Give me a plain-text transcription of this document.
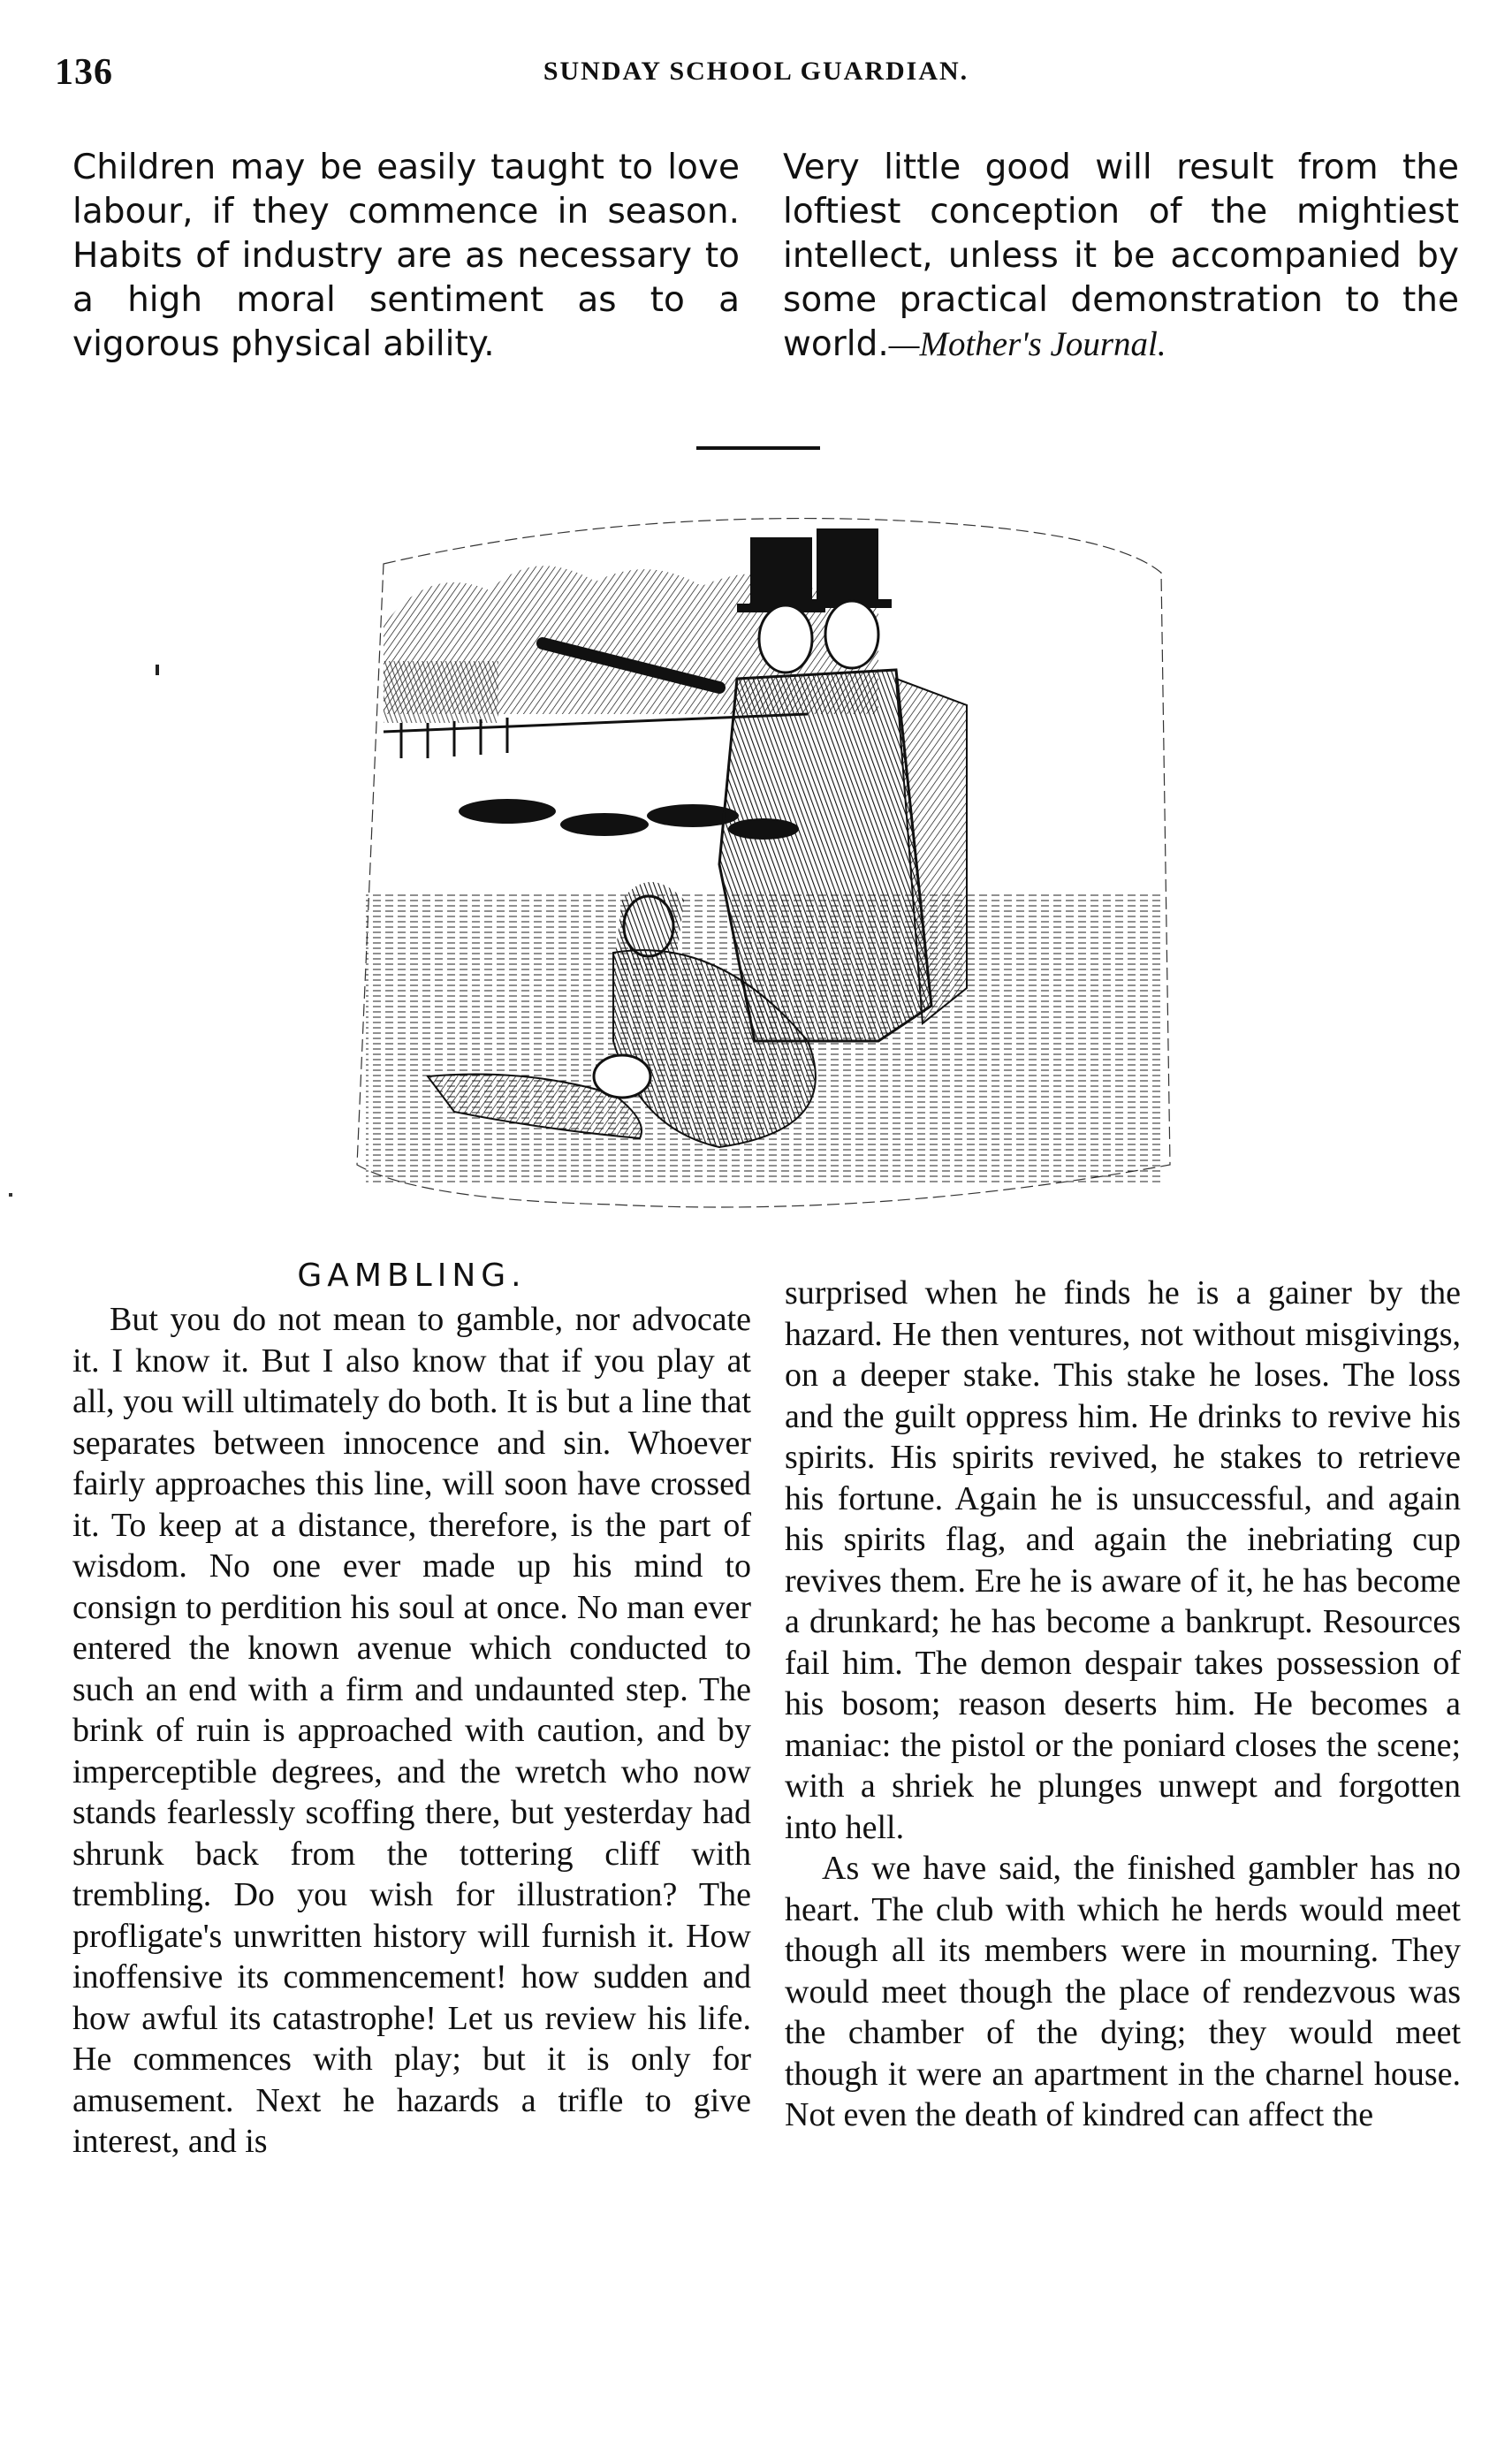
136	SUNDAY SCHOOL GUARDIAN.

Children may be easily taught to love labour, if they commence in season. Habits of industry are as necessary to a high moral sentiment as to a vigorous physical ability.

Very little good will result from the loftiest conception of the mightiest intellect, unless it be accompanied by some practical demonstration to the world.—Mother's Journal.

GAMBLING.

But you do not mean to gamble, nor advocate it. I know it. But I also know that if you play at all, you will ultimately do both. It is but a line that separates between innocence and sin. Whoever fairly approaches this line, will soon have crossed it. To keep at a distance, therefore, is the part of wisdom. No one ever made up his mind to consign to perdition his soul at once. No man ever entered the known avenue which conducted to such an end with a firm and undaunted step. The brink of ruin is approached with caution, and by imperceptible degrees, and the wretch who now stands fearlessly scoffing there, but yesterday had shrunk back from the tottering cliff with trembling. Do you wish for illustration? The profligate's unwritten history will furnish it. How inoffensive its commencement! how sudden and how awful its catastrophe! Let us review his life. He commences with play; but it is only for amusement. Next he hazards a trifle to give interest, and is

surprised when he finds he is a gainer by the hazard. He then ventures, not without misgivings, on a deeper stake. This stake he loses. The loss and the guilt oppress him. He drinks to revive his spirits. His spirits revived, he stakes to retrieve his fortune. Again he is unsuccessful, and again his spirits flag, and again the inebriating cup revives them. Ere he is aware of it, he has become a drunkard; he has become a bankrupt. Resources fail him. The demon despair takes possession of his bosom; reason deserts him. He becomes a maniac: the pistol or the poniard closes the scene; with a shriek he plunges unwept and forgotten into hell.

As we have said, the finished gambler has no heart. The club with which he herds would meet though all its members were in mourning. They would meet though the place of rendezvous was the chamber of the dying; they would meet though it were an apartment in the charnel house. Not even the death of kindred can affect the
